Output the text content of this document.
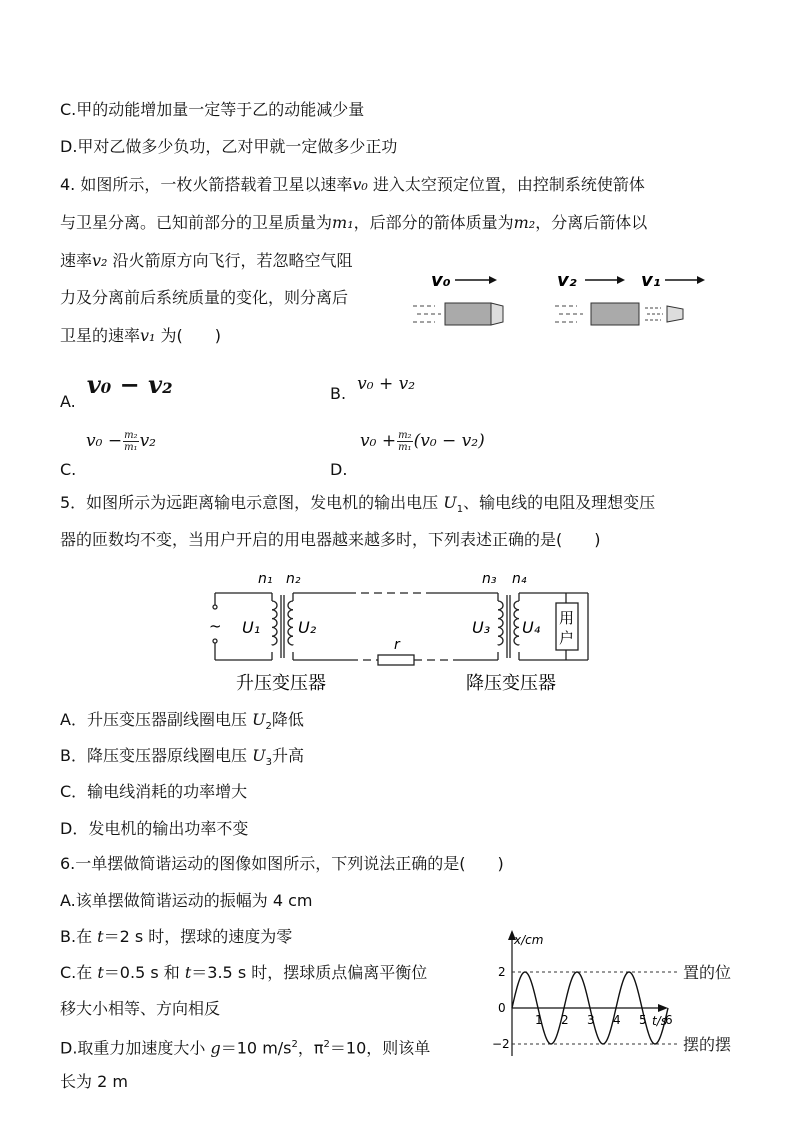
C.甲的动能增加量一定等于乙的动能减少量
D.甲对乙做多少负功，乙对甲就一定做多少正功
4. 如图所示，一枚火箭搭载着卫星以速率v₀ 进入太空预定位置，由控制系统使箭体
与卫星分离。已知前部分的卫星质量为m₁，后部分的箭体质量为m₂，分离后箭体以
速率v₂ 沿火箭原方向飞行，若忽略空气阻
力及分离前后系统质量的变化，则分离后
卫星的速率v₁ 为(　　)
v₀	v₂	v₁
A. v₀ − v₂	B. v₀ + v₂
C.
$v_0 - \frac{\text{m₂}}{\text{m₁}} v_2$
D.
$v_0 + \frac{\text{m₂}}{\text{m₁}} (v_0 - v_2)$
5．如图所示为远距离输电示意图，发电机的输出电压 $U_1$、输电线的电阻及理想变压
器的匝数均不变，当用户开启的用电器越来越多时，下列表述正确的是(　　)
n₁ n₂	n₃ n₄
~ U₁ U₂	U₃ U₄
r
用
户
升压变压器	降压变压器
A．升压变压器副线圈电压 $U_2$降低
B．降压变压器原线圈电压 $U_3$升高
C．输电线消耗的功率增大
D．发电机的输出功率不变
6.一单摆做简谐运动的图像如图所示，下列说法正确的是(　　)
A.该单摆做简谐运动的振幅为 4 cm
B.在 t＝2 s 时，摆球的速度为零
C.在 t＝0.5 s 和 t＝3.5 s 时，摆球质点偏离平衡位	置的位
移大小相等、方向相反
D.取重力加速度大小 g＝10 $m/s^2$，$\pi^2=10$，则该单	摆的摆
长为 2 m
x/cm
t/s
1 2 3 4 5 6
2
0
−2
